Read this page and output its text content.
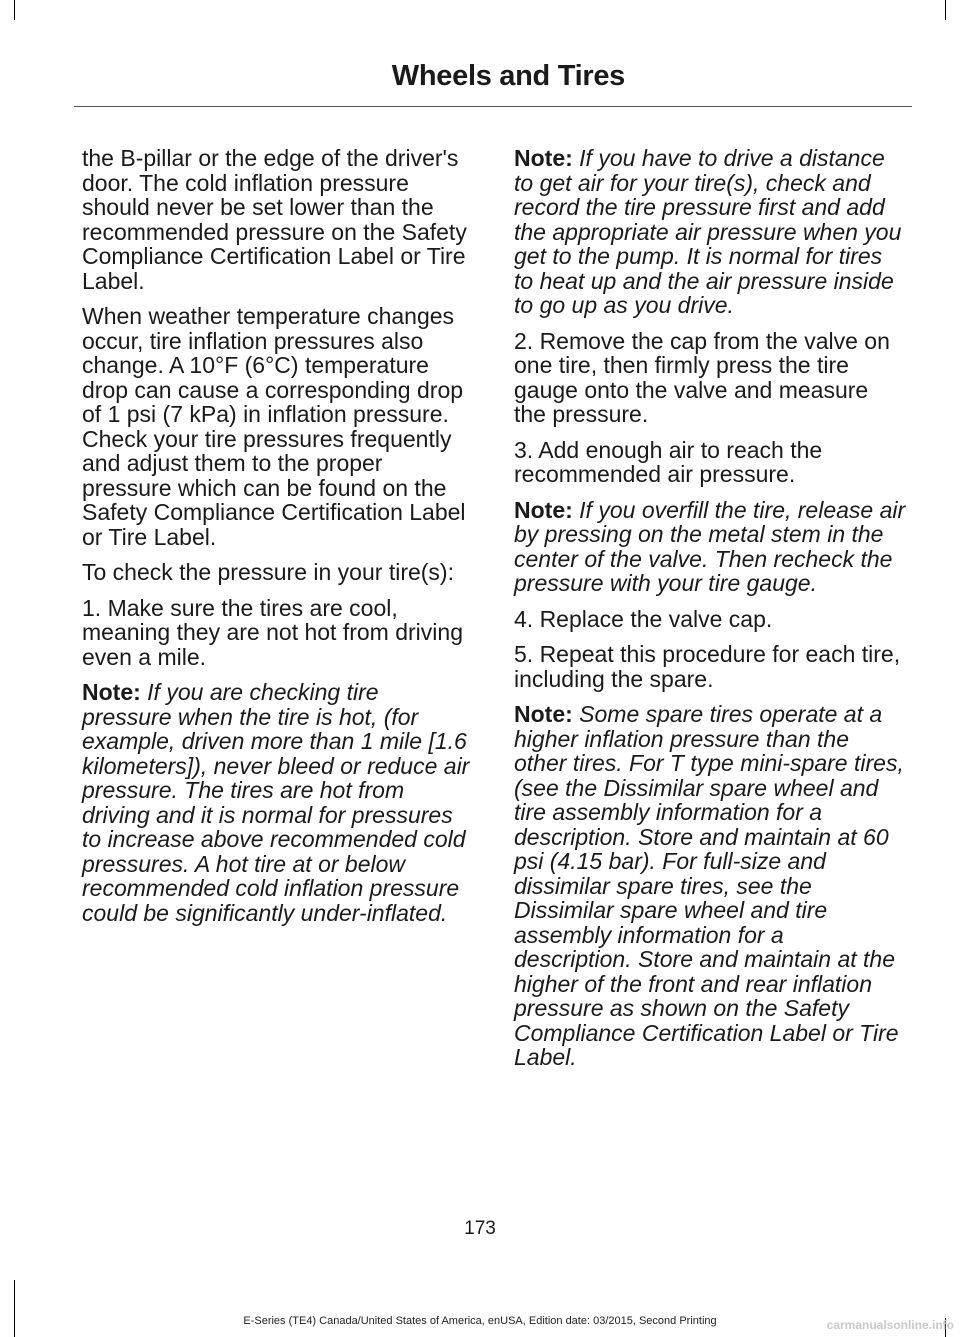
Wheels and Tires

the B-pillar or the edge of the driver's door. The cold inflation pressure should never be set lower than the recommended pressure on the Safety Compliance Certification Label or Tire Label.

When weather temperature changes occur, tire inflation pressures also change. A 10°F (6°C) temperature drop can cause a corresponding drop of 1 psi (7 kPa) in inflation pressure. Check your tire pressures frequently and adjust them to the proper pressure which can be found on the Safety Compliance Certification Label or Tire Label.

To check the pressure in your tire(s):

1. Make sure the tires are cool, meaning they are not hot from driving even a mile.

Note: If you are checking tire pressure when the tire is hot, (for example, driven more than 1 mile [1.6 kilometers]), never bleed or reduce air pressure. The tires are hot from driving and it is normal for pressures to increase above recommended cold pressures. A hot tire at or below recommended cold inflation pressure could be significantly under-inflated.

Note: If you have to drive a distance to get air for your tire(s), check and record the tire pressure first and add the appropriate air pressure when you get to the pump. It is normal for tires to heat up and the air pressure inside to go up as you drive.

2. Remove the cap from the valve on one tire, then firmly press the tire gauge onto the valve and measure the pressure.

3. Add enough air to reach the recommended air pressure.

Note: If you overfill the tire, release air by pressing on the metal stem in the center of the valve. Then recheck the pressure with your tire gauge.

4. Replace the valve cap.

5. Repeat this procedure for each tire, including the spare.

Note: Some spare tires operate at a higher inflation pressure than the other tires. For T type mini-spare tires, (see the Dissimilar spare wheel and tire assembly information for a description. Store and maintain at 60 psi (4.15 bar). For full-size and dissimilar spare tires, see the Dissimilar spare wheel and tire assembly information for a description. Store and maintain at the higher of the front and rear inflation pressure as shown on the Safety Compliance Certification Label or Tire Label.

173
E-Series (TE4) Canada/United States of America, enUSA, Edition date: 03/2015, Second Printing	carmanualsonline.info
